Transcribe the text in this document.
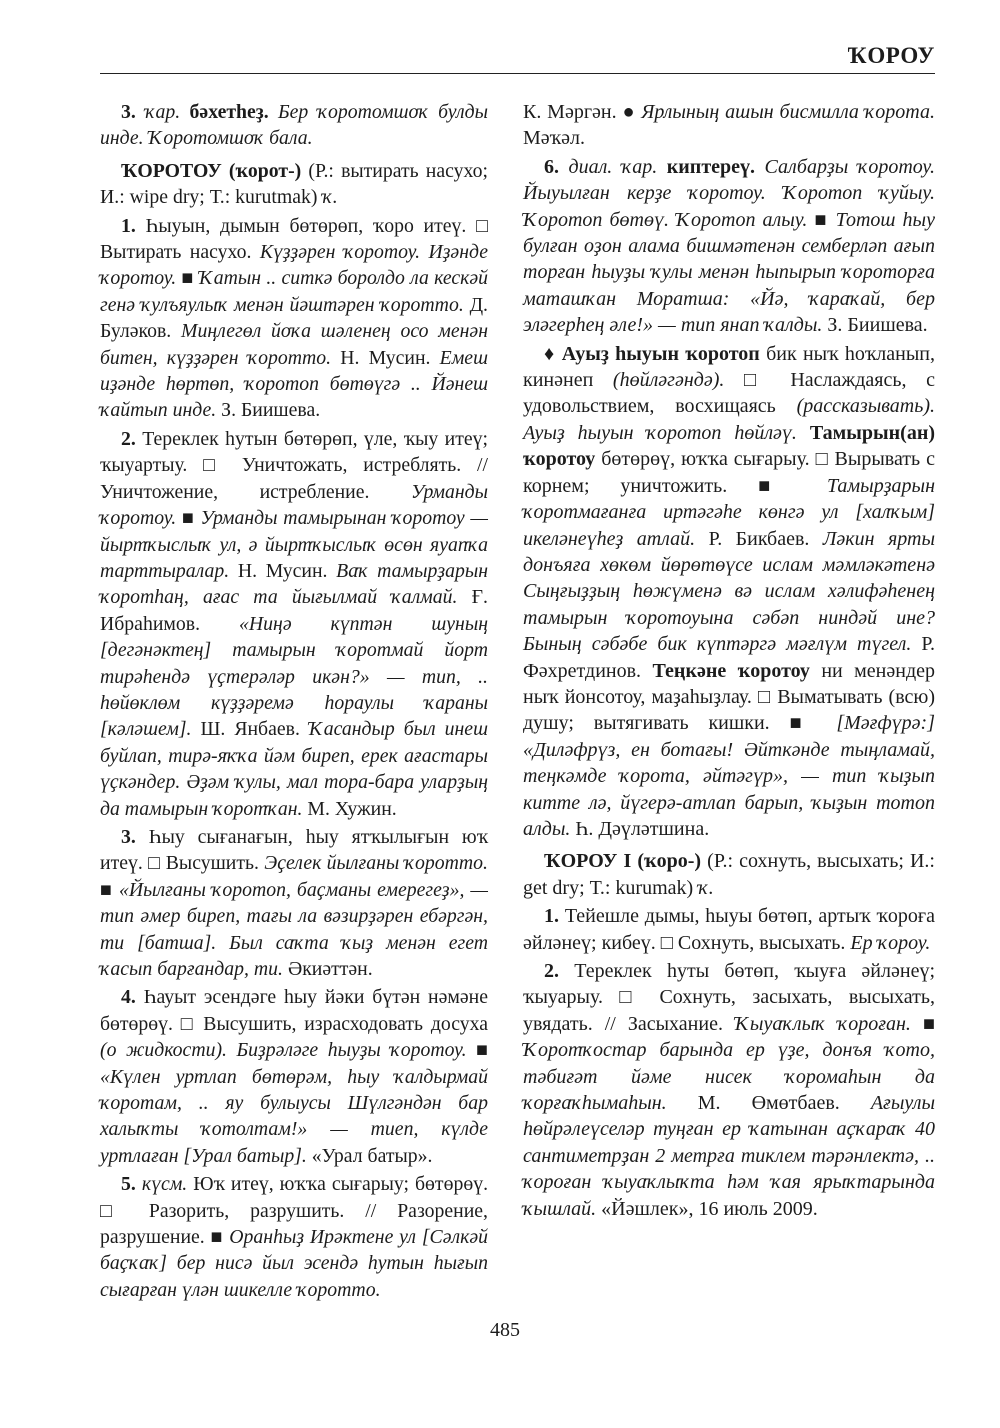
ҠОРОУ

3. ҡар. бәхетһеҙ. Бер ҡоротомшоҡ булды инде. Ҡоротомшоҡ бала.

ҠОРОТОУ (ҡорот-) (Р.: вытирать насухо; И.: wipe dry; Т.: kurutmak) ҡ.

1. Һыуын, дымын бөтөрөп, ҡоро итеү. □ Вытирать насухо. Күҙҙәрен ҡоротоу. Иҙәнде ҡоротоу. ■ Ҡатын .. ситкә боролдо ла кескәй генә ҡулъяулыҡ менән йәштәрен ҡоротто. Д. Буләков. Миңлегөл йоҡа шәленең осо менән битен, күҙҙәрен ҡоротто. Н. Мусин. Емеш иҙәнде һөртөп, ҡоротоп бөтөүгә .. Йәнеш ҡайтып инде. З. Биишева.

2. Тереклек һутын бөтөрөп, үле, ҡыу итеү; ҡыуартыу. □ Уничтожать, истреблять. // Уничтожение, истребление. Урманды ҡоротоу. ■ Урманды тамырынан ҡоротоу — йыртҡыслыҡ ул, ә йыртҡыслыҡ өсөн яуапҡа тарттыралар. Н. Мусин. Ваҡ тамырҙарын ҡоротһаң, ағас та йығылмай ҡалмай. Ғ. Ибраһимов. «Ниңә күптән шуның [дегәнәктең] тамырын ҡоротмай йорт тирәһендә үҫтерәләр икән?» — тип, .. һөйөклөм күҙҙәремә һораулы ҡараны [кәләшем]. Ш. Янбаев. Ҡасандыр был инеш буйлап, тирә-яҡҡа йәм биреп, ерек ағастары үҫкәндер. Әҙәм ҡулы, мал тора-бара уларҙың да тамырын ҡоротҡан. М. Хужин.

3. Һыу сығанағын, һыу ятҡылығын юҡ итеү. □ Высушить. Эҫелек йылғаны ҡоротто. ■ «Йылғаны ҡоротоп, баҫманы емерегеҙ», — тип әмер биреп, тағы ла вәзирҙәрен ебәргән, ти [батша]. Был саҡта ҡыҙ менән егет ҡасып барғандар, ти. Әкиәттән.

4. Һауыт эсендәге һыу йәки бүтән нәмәне бөтөрөү. □ Высушить, израсходовать досуха (о жидкости). Биҙрәләге һыуҙы ҡоротоу. ■ «Күлен уртлап бөтөрәм, һыу ҡалдырмай ҡоротам, .. яу булыусы Шүлгәндән бар халыҡты ҡотолтам!» — тиеп, күлде уртлаған [Урал батыр]. «Урал батыр».

5. күсм. Юҡ итеү, юҡҡа сығарыу; бөтөрөү. □ Разорить, разрушить. // Разорение, разрушение. ■ Оранһыҙ Ирәктене ул [Сәлкәй баҫҡаҡ] бер нисә йыл эсендә һутын һығып сығарған үлән шикелле ҡоротто.

К. Мәргән. ● Ярлының ашын бисмилла ҡорота. Мәҡәл.

6. диал. ҡар. киптереү. Салбарҙы ҡоротоу. Йыуылған керҙе ҡоротоу. Ҡоротоп ҡуйыу. Ҡоротоп бөтөү. Ҡоротоп алыу. ■ Тотош һыу булған оҙон алама бишмәтенән семберләп ағып торған һыуҙы ҡулы менән һыпырып ҡороторға маташҡан Моратша: «Йә, ҡараҡай, бер эләгерһең әле!» — тип янап ҡалды. З. Биишева.

♦ Ауыҙ һыуын ҡоротоп бик ныҡ һоҡланып, кинәнеп (һөйләгәндә). □ Наслаждаясь, с удовольствием, восхищаясь (рассказывать). Ауыҙ һыуын ҡоротоп һөйләү. Тамырын(ан) ҡоротоу бөтөрөү, юҡҡа сығарыу. □ Вырывать с корнем; уничтожить. ■ Тамырҙарын ҡоротмағанға иртәгәһе көнгә ул [халҡым] икеләнеүһеҙ атлай. Р. Бикбаев. Ләкин ярты донъяға хөкөм йөрөтөүсе ислам мәмләкәтенә Сыңғыҙҙың һөжүменә вә ислам хәлифәһенең тамырын ҡоротоуына сәбәп ниндәй ине? Бының сәбәбе бик күптәргә мәғлүм түгел. Р. Фәхретдинов. Теңкәне ҡоротоу ни менәндер ныҡ йонсотоу, маҙаһыҙлау. □ Выматывать (всю) душу; вытягивать кишки. ■ [Мәғфүрә:] «Диләфрүз, ен ботағы! Әйткәнде тыңламай, теңкәмде ҡорота, әйтәгүр», — тип ҡыҙып китте лә, йүгерә-атлап барып, ҡыҙын тотоп алды. Һ. Дәүләтшина.

ҠОРОУ I (ҡоро-) (Р.: сохнуть, высыхать; И.: get dry; Т.: kurumak) ҡ.

1. Тейешле дымы, һыуы бөтөп, артыҡ ҡороға әйләнеү; кибеү. □ Сохнуть, высыхать. Ер ҡороу.

2. Тереклек һуты бөтөп, ҡыуға әйләнеү; ҡыуарыу. □ Сохнуть, засыхать, высыхать, увядать. // Засыхание. Ҡыуаҡлыҡ ҡороған. ■ Ҡоротҡостар барында ер үҙе, донъя ҡото, тәбиғәт йәме нисек ҡоромаһын да ҡорғаҡһымаһын. М. Өмөтбаев. Ағыулы һөйрәлеүселәр туңған ер ҡатынан аҫҡараҡ 40 сантиметрҙан 2 метрға тиклем тәрәнлектә, .. ҡороған ҡыуаҡлыҡта һәм ҡая ярыҡтарында ҡышлай. «Йәшлек», 16 июль 2009.

485
